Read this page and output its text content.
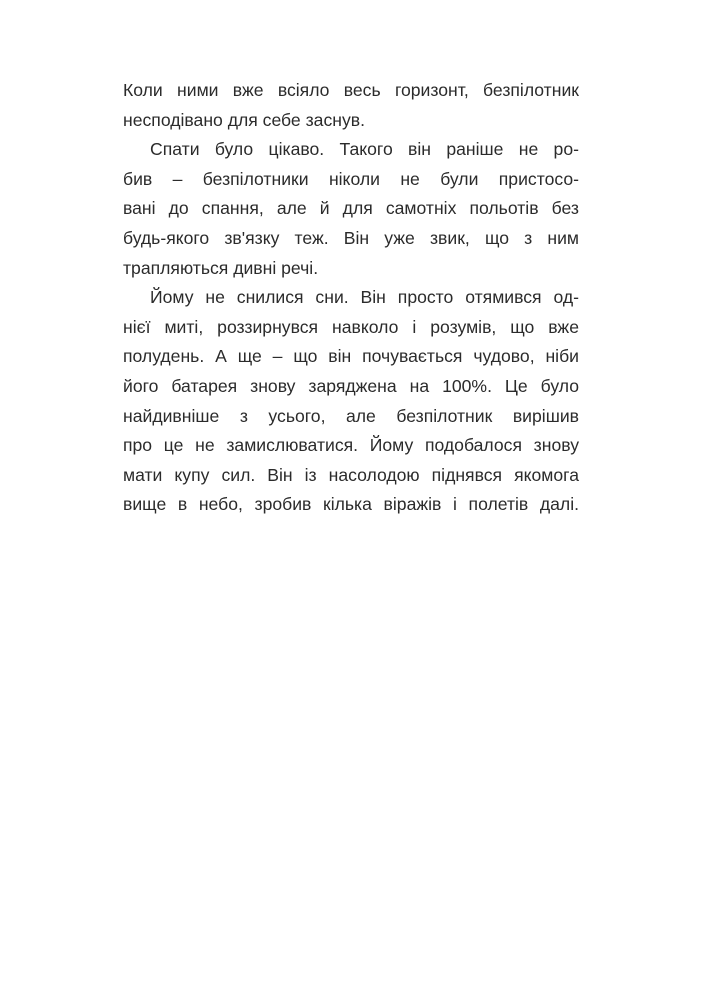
Коли ними вже всіяло весь горизонт, безпілотник
несподівано для себе заснув.
Спати було цікаво. Такого він раніше не ро-
бив – безпілотники ніколи не були пристосо-
вані до спання, але й для самотніх польотів без
будь-якого зв'язку теж. Він уже звик, що з ним
трапляються дивні речі.
Йому не снилися сни. Він просто отямився од-
нієї миті, роззирнувся навколо і розумів, що вже
полудень. А ще – що він почувається чудово, ніби
його батарея знову заряджена на 100%. Це було
найдивніше з усього, але безпілотник вирішив
про це не замислюватися. Йому подобалося знову
мати купу сил. Він із насолодою піднявся якомога
вище в небо, зробив кілька віражів і полетів далі.
